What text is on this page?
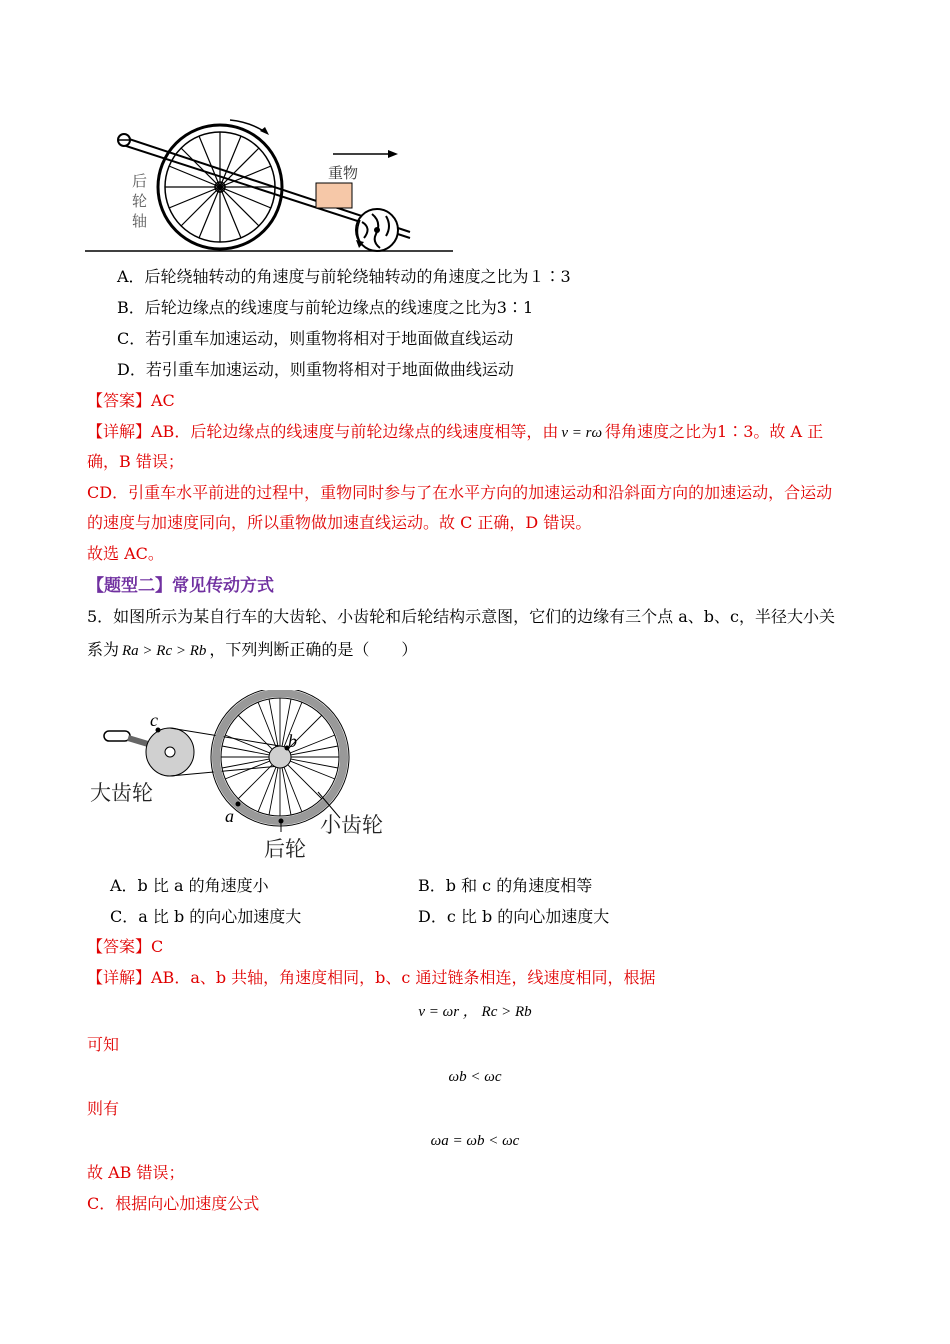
重物
后
轮
轴
A．后轮绕轴转动的角速度与前轮绕轴转动的角速度之比为１∶3
B．后轮边缘点的线速度与前轮边缘点的线速度之比为3∶1
C．若引重车加速运动，则重物将相对于地面做直线运动
D．若引重车加速运动，则重物将相对于地面做曲线运动
【答案】AC
【详解】AB．后轮边缘点的线速度与前轮边缘点的线速度相等，由 v = rω 得角速度之比为1∶3。故 A 正
确，B 错误；
CD．引重车水平前进的过程中，重物同时参与了在水平方向的加速运动和沿斜面方向的加速运动，合运动
的速度与加速度同向，所以重物做加速直线运动。故 C 正确，D 错误。
故选 AC。
【题型二】常见传动方式
5．如图所示为某自行车的大齿轮、小齿轮和后轮结构示意图，它们的边缘有三个点 a、b、c，半径大小关
系为 Ra > Rc > Rb ，下列判断正确的是（　　）
c
b
a
大齿轮
小齿轮
后轮
A．b 比 a 的角速度小	B．b 和 c 的角速度相等
C．a 比 b 的向心加速度大	D．c 比 b 的向心加速度大
【答案】C
【详解】AB．a、b 共轴，角速度相同，b、c 通过链条相连，线速度相同，根据
v = ωr ， Rc > Rb
可知
ωb < ωc
则有
ωa = ωb < ωc
故 AB 错误；
C．根据向心加速度公式
